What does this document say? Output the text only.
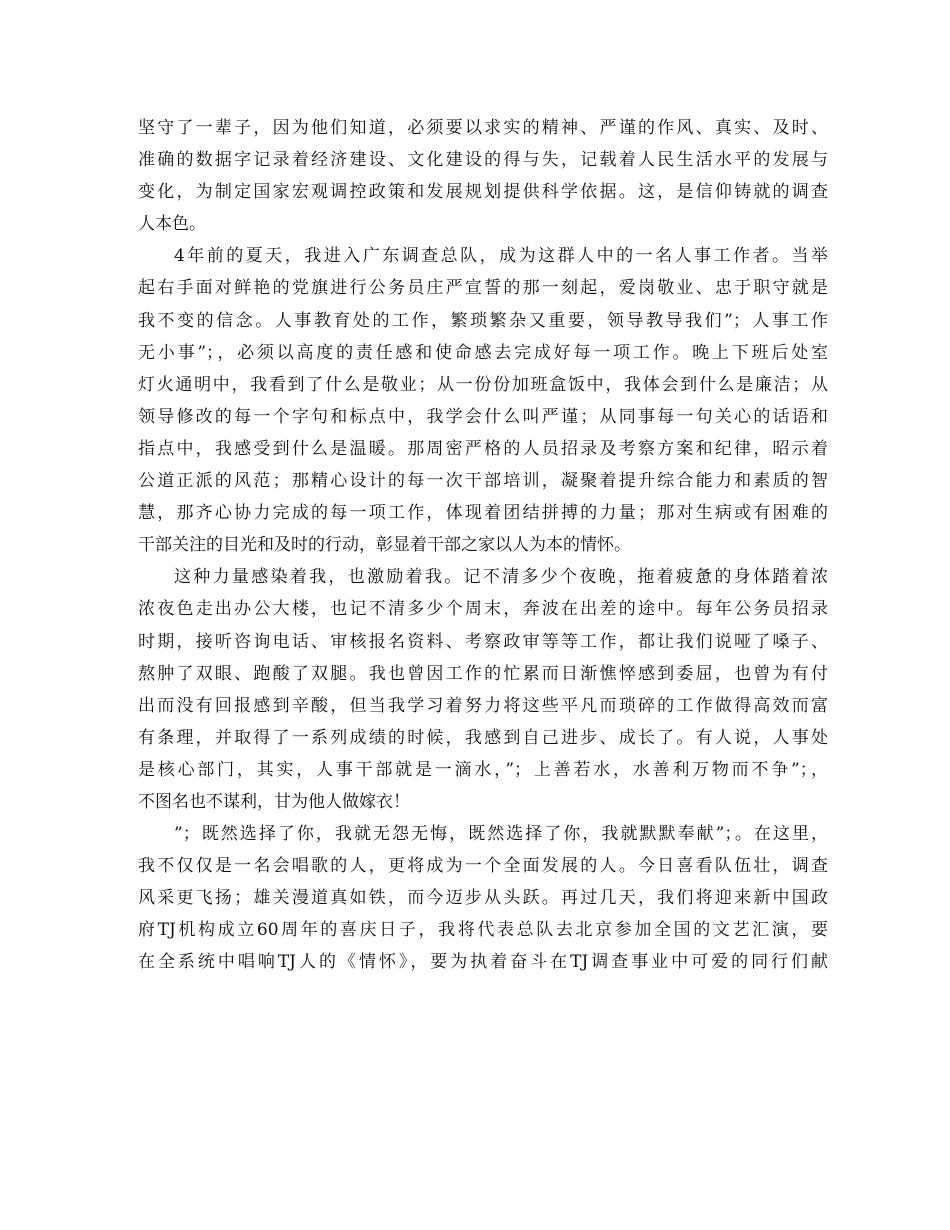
坚守了一辈子，因为他们知道，必须要以求实的精神、严谨的作风、真实、及时、
准确的数据字记录着经济建设、文化建设的得与失，记载着人民生活水平的发展与
变化，为制定国家宏观调控政策和发展规划提供科学依据。这，是信仰铸就的调查
人本色。
4年前的夏天，我进入广东调查总队，成为这群人中的一名人事工作者。当举
起右手面对鲜艳的党旗进行公务员庄严宣誓的那一刻起，爱岗敬业、忠于职守就是
我不变的信念。人事教育处的工作，繁琐繁杂又重要，领导教导我们”；人事工作
无小事”；，必须以高度的责任感和使命感去完成好每一项工作。晚上下班后处室
灯火通明中，我看到了什么是敬业；从一份份加班盒饭中，我体会到什么是廉洁；从
领导修改的每一个字句和标点中，我学会什么叫严谨；从同事每一句关心的话语和
指点中，我感受到什么是温暖。那周密严格的人员招录及考察方案和纪律，昭示着
公道正派的风范；那精心设计的每一次干部培训，凝聚着提升综合能力和素质的智
慧，那齐心协力完成的每一项工作，体现着团结拼搏的力量；那对生病或有困难的
干部关注的目光和及时的行动，彰显着干部之家以人为本的情怀。
这种力量感染着我，也激励着我。记不清多少个夜晚，拖着疲惫的身体踏着浓
浓夜色走出办公大楼，也记不清多少个周末，奔波在出差的途中。每年公务员招录
时期，接听咨询电话、审核报名资料、考察政审等等工作，都让我们说哑了嗓子、
熬肿了双眼、跑酸了双腿。我也曾因工作的忙累而日渐憔悴感到委屈，也曾为有付
出而没有回报感到辛酸，但当我学习着努力将这些平凡而琐碎的工作做得高效而富
有条理，并取得了一系列成绩的时候，我感到自己进步、成长了。有人说，人事处
是核心部门，其实，人事干部就是一滴水，”；上善若水，水善利万物而不争”；，
不图名也不谋利，甘为他人做嫁衣！
”；既然选择了你，我就无怨无悔，既然选择了你，我就默默奉献”；。在这里，
我不仅仅是一名会唱歌的人，更将成为一个全面发展的人。今日喜看队伍壮，调查
风采更飞扬；雄关漫道真如铁，而今迈步从头跃。再过几天，我们将迎来新中国政
府TJ机构成立60周年的喜庆日子，我将代表总队去北京参加全国的文艺汇演，要
在全系统中唱响TJ人的《情怀》，要为执着奋斗在TJ调查事业中可爱的同行们献
